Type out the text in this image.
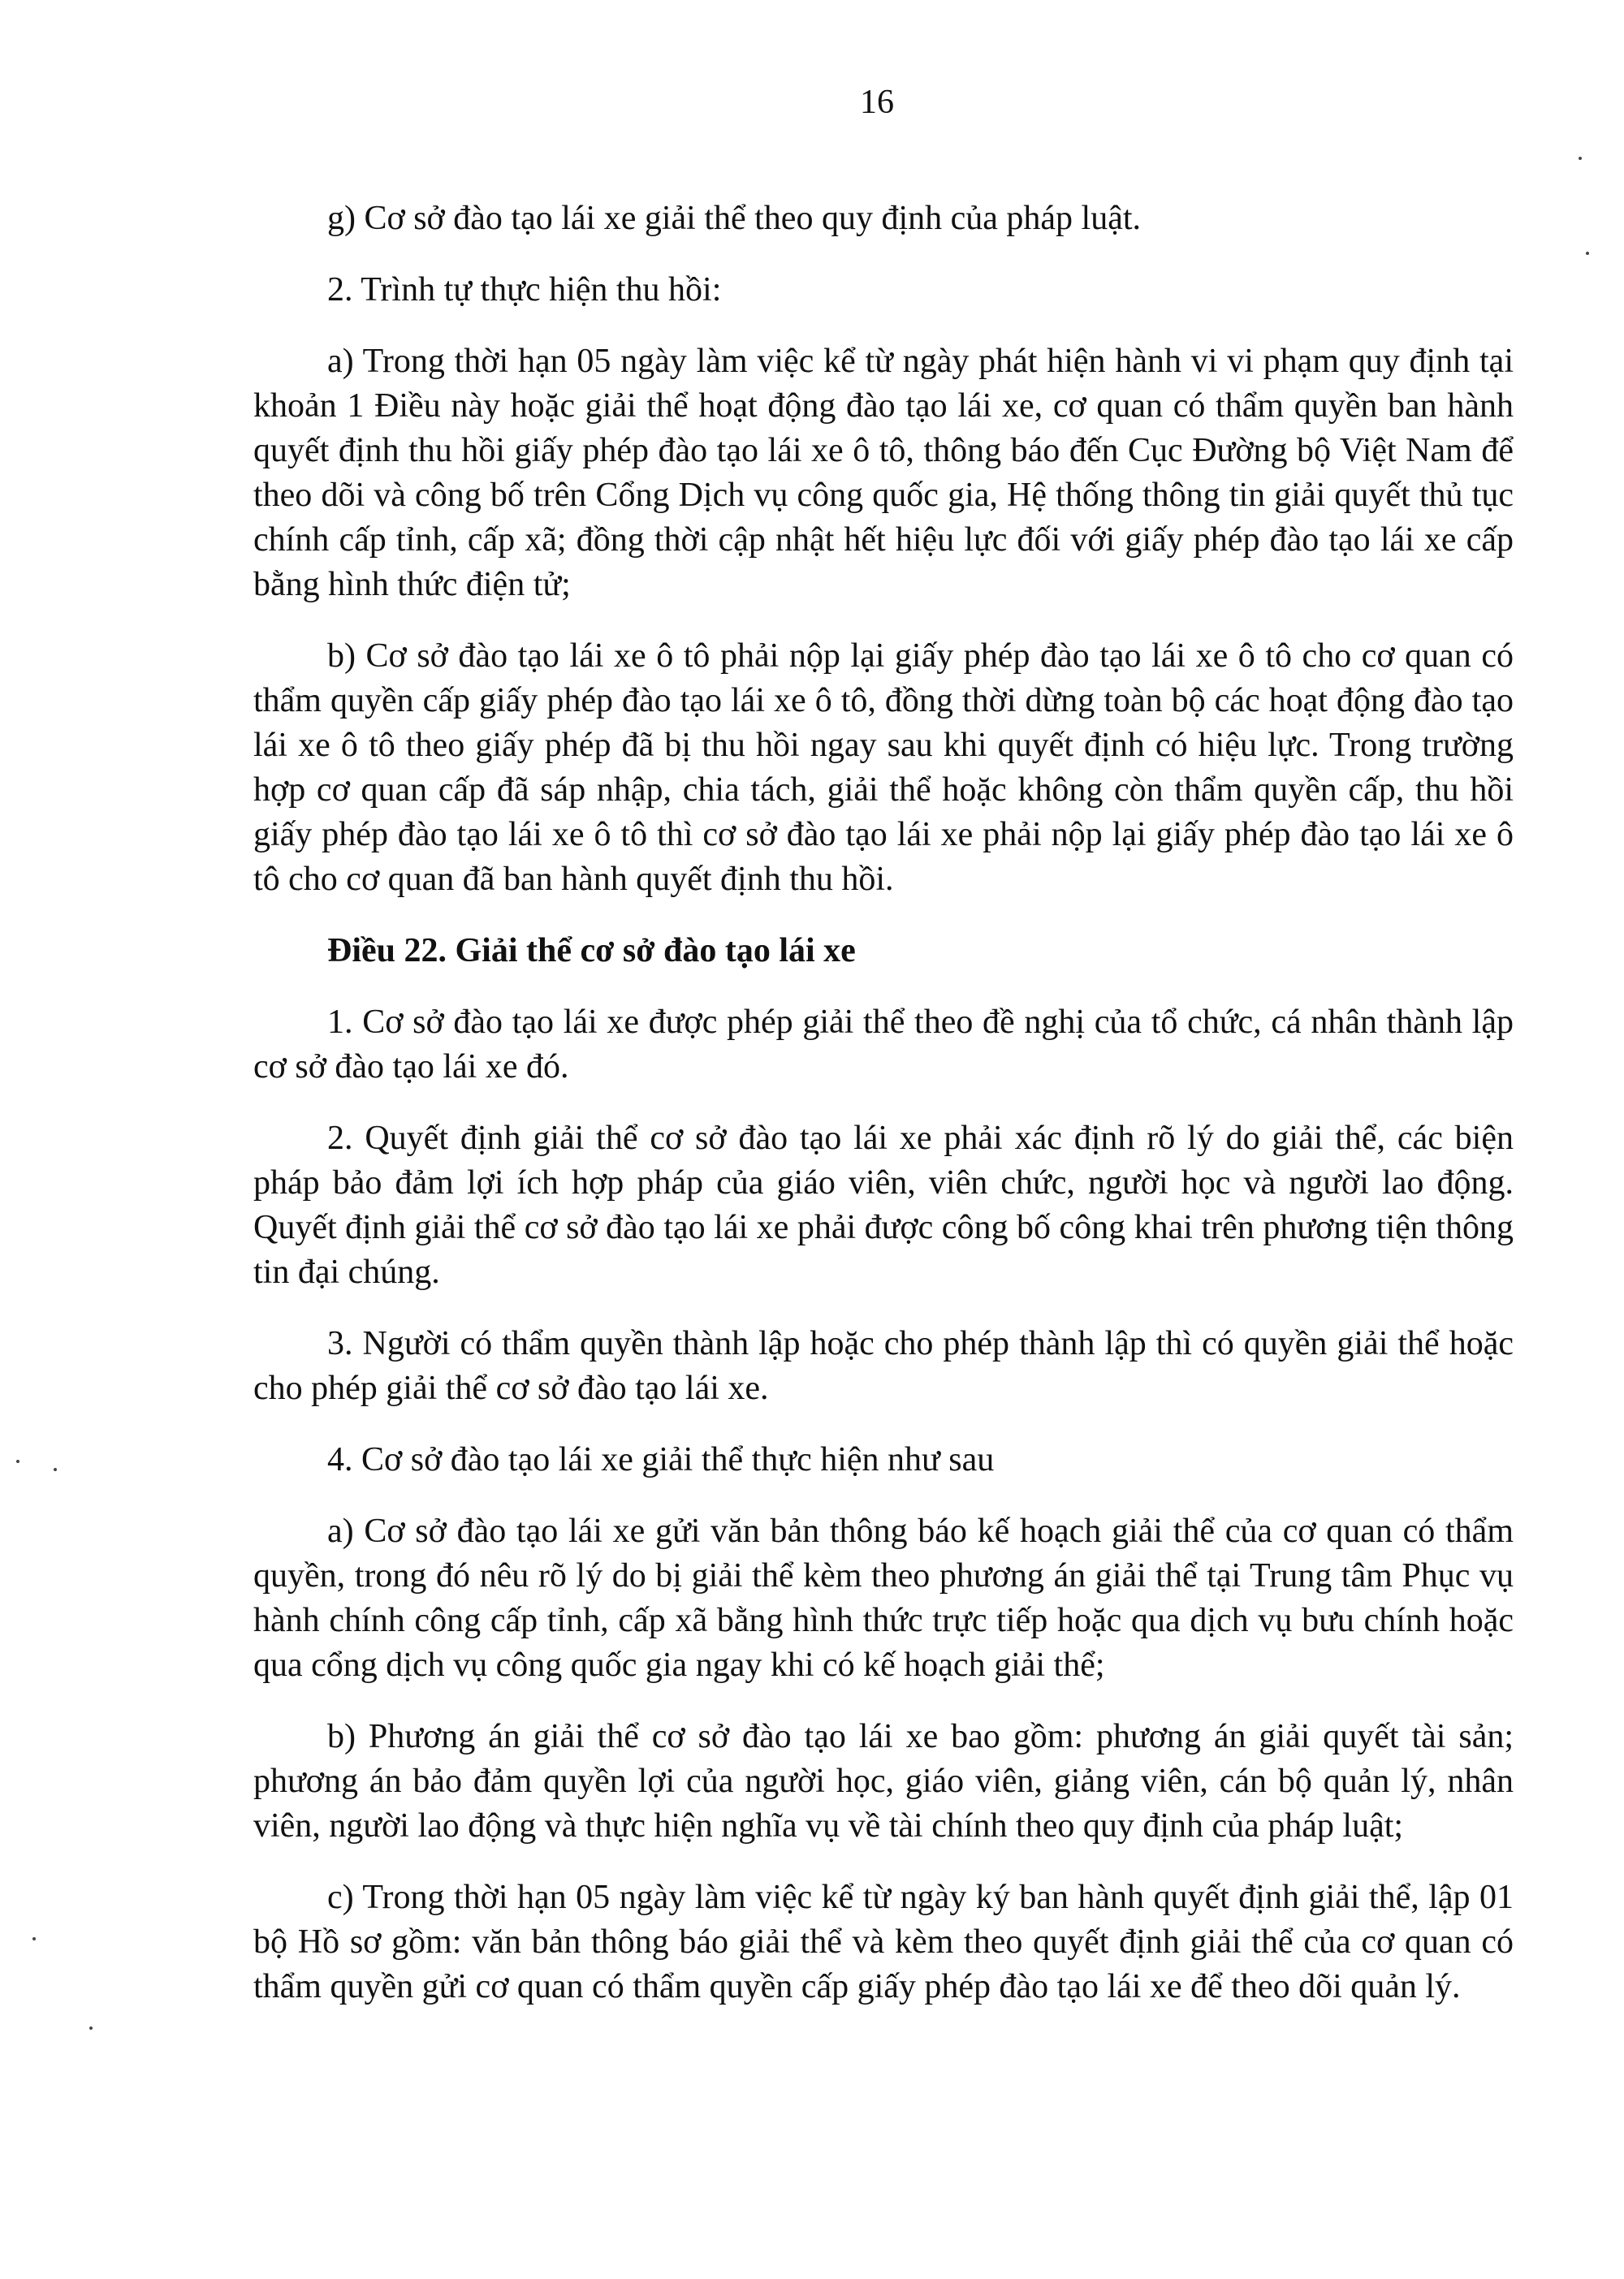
16

g) Cơ sở đào tạo lái xe giải thể theo quy định của pháp luật.

2. Trình tự thực hiện thu hồi:

a) Trong thời hạn 05 ngày làm việc kể từ ngày phát hiện hành vi vi phạm quy định tại khoản 1 Điều này hoặc giải thể hoạt động đào tạo lái xe, cơ quan có thẩm quyền ban hành quyết định thu hồi giấy phép đào tạo lái xe ô tô, thông báo đến Cục Đường bộ Việt Nam để theo dõi và công bố trên Cổng Dịch vụ công quốc gia, Hệ thống thông tin giải quyết thủ tục chính cấp tỉnh, cấp xã; đồng thời cập nhật hết hiệu lực đối với giấy phép đào tạo lái xe cấp bằng hình thức điện tử;

b) Cơ sở đào tạo lái xe ô tô phải nộp lại giấy phép đào tạo lái xe ô tô cho cơ quan có thẩm quyền cấp giấy phép đào tạo lái xe ô tô, đồng thời dừng toàn bộ các hoạt động đào tạo lái xe ô tô theo giấy phép đã bị thu hồi ngay sau khi quyết định có hiệu lực. Trong trường hợp cơ quan cấp đã sáp nhập, chia tách, giải thể hoặc không còn thẩm quyền cấp, thu hồi giấy phép đào tạo lái xe ô tô thì cơ sở đào tạo lái xe phải nộp lại giấy phép đào tạo lái xe ô tô cho cơ quan đã ban hành quyết định thu hồi.

Điều 22. Giải thể cơ sở đào tạo lái xe

1. Cơ sở đào tạo lái xe được phép giải thể theo đề nghị của tổ chức, cá nhân thành lập cơ sở đào tạo lái xe đó.

2. Quyết định giải thể cơ sở đào tạo lái xe phải xác định rõ lý do giải thể, các biện pháp bảo đảm lợi ích hợp pháp của giáo viên, viên chức, người học và người lao động. Quyết định giải thể cơ sở đào tạo lái xe phải được công bố công khai trên phương tiện thông tin đại chúng.

3. Người có thẩm quyền thành lập hoặc cho phép thành lập thì có quyền giải thể hoặc cho phép giải thể cơ sở đào tạo lái xe.

4. Cơ sở đào tạo lái xe giải thể thực hiện như sau

a) Cơ sở đào tạo lái xe gửi văn bản thông báo kế hoạch giải thể của cơ quan có thẩm quyền, trong đó nêu rõ lý do bị giải thể kèm theo phương án giải thể tại Trung tâm Phục vụ hành chính công cấp tỉnh, cấp xã bằng hình thức trực tiếp hoặc qua dịch vụ bưu chính hoặc qua cổng dịch vụ công quốc gia ngay khi có kế hoạch giải thể;

b) Phương án giải thể cơ sở đào tạo lái xe bao gồm: phương án giải quyết tài sản; phương án bảo đảm quyền lợi của người học, giáo viên, giảng viên, cán bộ quản lý, nhân viên, người lao động và thực hiện nghĩa vụ về tài chính theo quy định của pháp luật;

c) Trong thời hạn 05 ngày làm việc kể từ ngày ký ban hành quyết định giải thể, lập 01 bộ Hồ sơ gồm: văn bản thông báo giải thể và kèm theo quyết định giải thể của cơ quan có thẩm quyền gửi cơ quan có thẩm quyền cấp giấy phép đào tạo lái xe để theo dõi quản lý.
